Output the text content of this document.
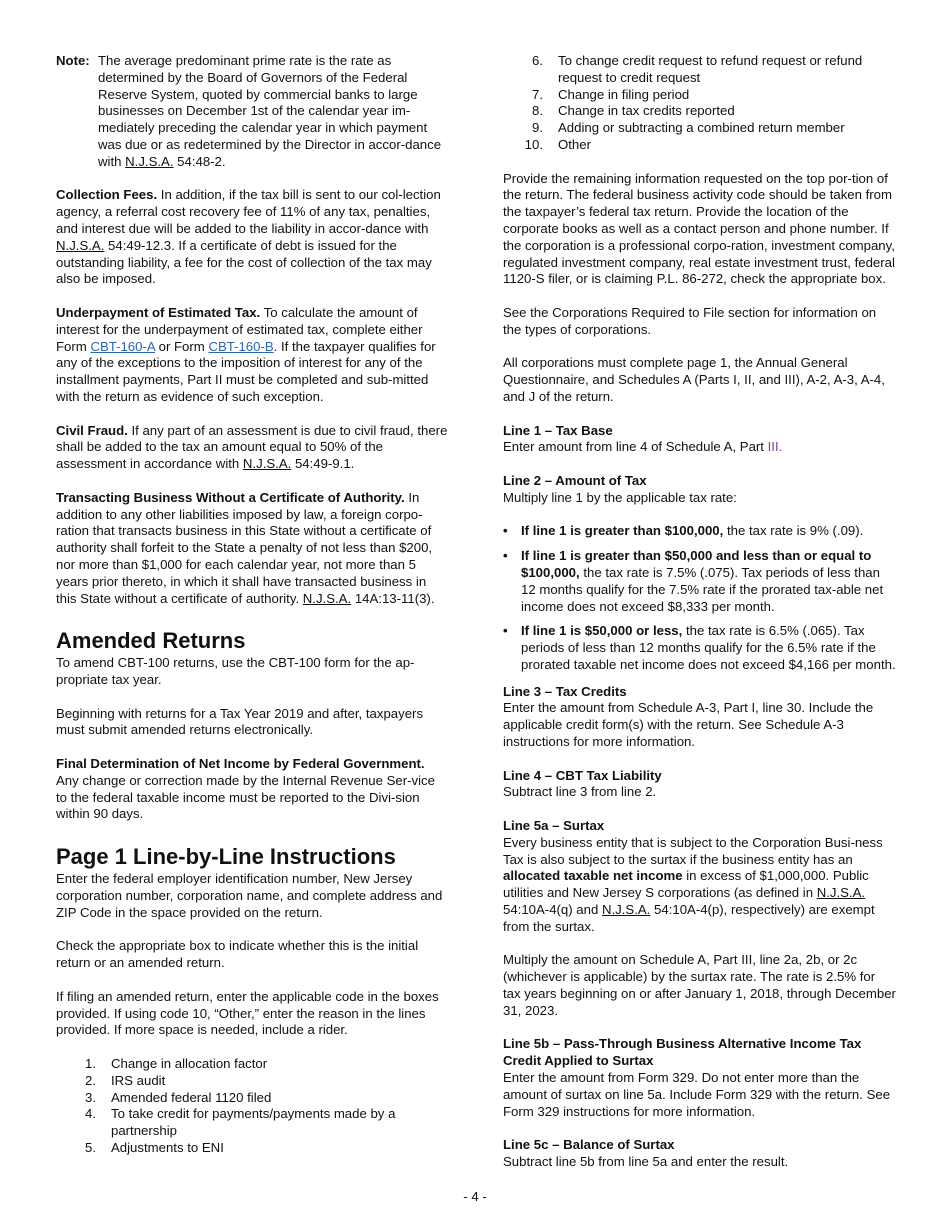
Note: The average predominant prime rate is the rate as determined by the Board of Governors of the Federal Reserve System, quoted by commercial banks to large businesses on December 1st of the calendar year im-mediately preceding the calendar year in which payment was due or as redetermined by the Director in accor-dance with N.J.S.A. 54:48-2.

Collection Fees. In addition, if the tax bill is sent to our col-lection agency, a referral cost recovery fee of 11% of any tax, penalties, and interest due will be added to the liability in accor-dance with N.J.S.A. 54:49-12.3. If a certificate of debt is issued for the outstanding liability, a fee for the cost of collection of the tax may also be imposed.

Underpayment of Estimated Tax. To calculate the amount of interest for the underpayment of estimated tax, complete either Form CBT-160-A or Form CBT-160-B. If the taxpayer qualifies for any of the exceptions to the imposition of interest for any of the installment payments, Part II must be completed and sub-mitted with the return as evidence of such exception.

Civil Fraud. If any part of an assessment is due to civil fraud, there shall be added to the tax an amount equal to 50% of the assessment in accordance with N.J.S.A. 54:49-9.1.

Transacting Business Without a Certificate of Authority. In addition to any other liabilities imposed by law, a foreign corpo-ration that transacts business in this State without a certificate of authority shall forfeit to the State a penalty of not less than $200, nor more than $1,000 for each calendar year, not more than 5 years prior thereto, in which it shall have transacted business in this State without a certificate of authority. N.J.S.A. 14A:13-11(3).

Amended Returns

To amend CBT-100 returns, use the CBT-100 form for the ap-propriate tax year.

Beginning with returns for a Tax Year 2019 and after, taxpayers must submit amended returns electronically.

Final Determination of Net Income by Federal Government. Any change or correction made by the Internal Revenue Ser-vice to the federal taxable income must be reported to the Divi-sion within 90 days.

Page 1 Line-by-Line Instructions

Enter the federal employer identification number, New Jersey corporation number, corporation name, and complete address and ZIP Code in the space provided on the return.

Check the appropriate box to indicate whether this is the initial return or an amended return.

If filing an amended return, enter the applicable code in the boxes provided. If using code 10, “Other,” enter the reason in the lines provided. If more space is needed, include a rider.

1.	Change in allocation factor
2.	IRS audit
3.	Amended federal 1120 filed
4.	To take credit for payments/payments made by a partnership
5.	Adjustments to ENI
6.	To change credit request to refund request or refund request to credit request
7.	Change in filing period
8.	Change in tax credits reported
9.	Adding or subtracting a combined return member
10.	Other

Provide the remaining information requested on the top por-tion of the return. The federal business activity code should be taken from the taxpayer’s federal tax return. Provide the location of the corporate books as well as a contact person and phone number. If the corporation is a professional corpo-ration, investment company, regulated investment company, real estate investment trust, federal 1120-S filer, or is claiming P.L. 86-272, check the appropriate box.

See the Corporations Required to File section for information on the types of corporations.

All corporations must complete page 1, the Annual General Questionnaire, and Schedules A (Parts I, II, and III), A-2, A-3, A-4, and J of the return.

Line 1 – Tax Base
Enter amount from line 4 of Schedule A, Part III.

Line 2 – Amount of Tax
Multiply line 1 by the applicable tax rate:

•	If line 1 is greater than $100,000, the tax rate is 9% (.09).
•	If line 1 is greater than $50,000 and less than or equal to $100,000, the tax rate is 7.5% (.075). Tax periods of less than 12 months qualify for the 7.5% rate if the prorated tax-able net income does not exceed $8,333 per month.
•	If line 1 is $50,000 or less, the tax rate is 6.5% (.065). Tax periods of less than 12 months qualify for the 6.5% rate if the prorated taxable net income does not exceed $4,166 per month.

Line 3 – Tax Credits
Enter the amount from Schedule A-3, Part I, line 30. Include the applicable credit form(s) with the return. See Schedule A-3 instructions for more information.

Line 4 – CBT Tax Liability
Subtract line 3 from line 2.

Line 5a – Surtax
Every business entity that is subject to the Corporation Busi-ness Tax is also subject to the surtax if the business entity has an allocated taxable net income in excess of $1,000,000. Public utilities and New Jersey S corporations (as defined in N.J.S.A. 54:10A-4(q) and N.J.S.A. 54:10A-4(p), respectively) are exempt from the surtax.

Multiply the amount on Schedule A, Part III, line 2a, 2b, or 2c (whichever is applicable) by the surtax rate. The rate is 2.5% for tax years beginning on or after January 1, 2018, through December 31, 2023.

Line 5b – Pass-Through Business Alternative Income Tax Credit Applied to Surtax
Enter the amount from Form 329. Do not enter more than the amount of surtax on line 5a. Include Form 329 with the return. See Form 329 instructions for more information.

Line 5c – Balance of Surtax
Subtract line 5b from line 5a and enter the result.

- 4 -
